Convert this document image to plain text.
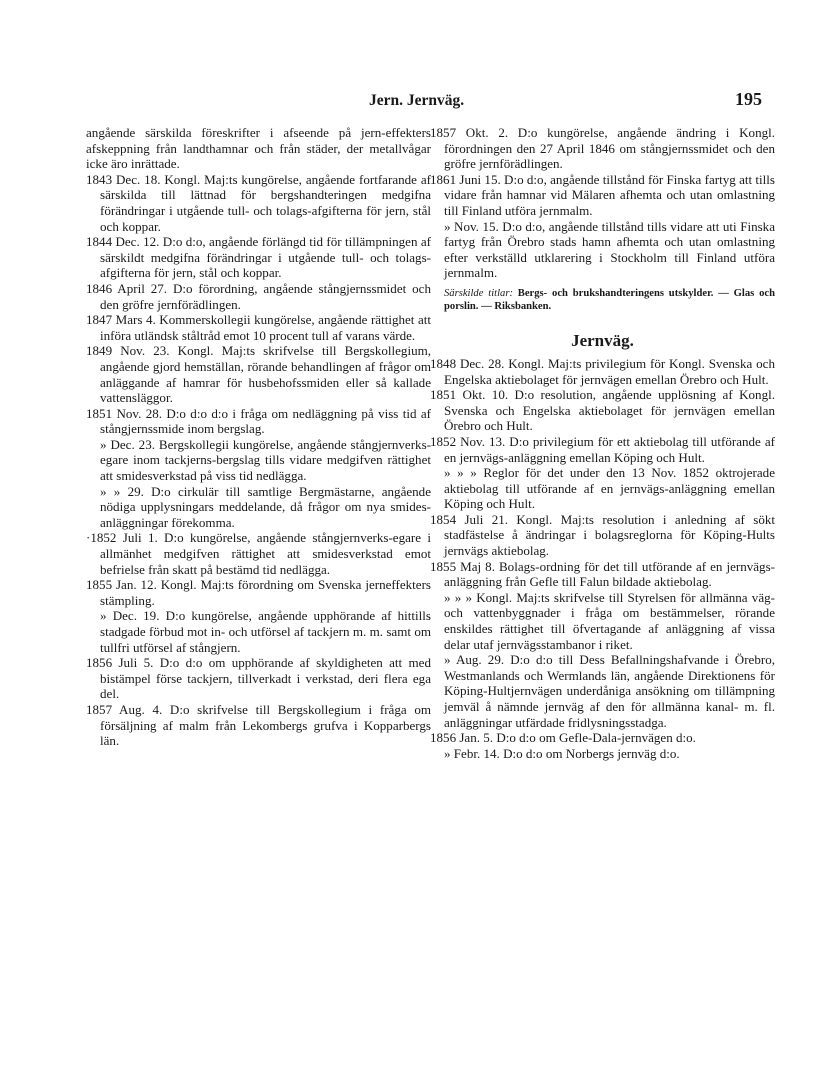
Jern. Jernväg.	195

angående särskilda föreskrifter i afseende på jern-effekters afskeppning från landthamnar och från städer, der metallvågar icke äro inrättade.

1843 Dec. 18. Kongl. Maj:ts kungörelse, angående fortfarande af särskilda till lättnad för bergshandteringen medgifna förändringar i utgående tull- och tolags-afgifterna för jern, stål och koppar.

1844 Dec. 12. D:o d:o, angående förlängd tid för tillämpningen af särskildt medgifna förändringar i utgående tull- och tolags-afgifterna för jern, stål och koppar.

1846 April 27. D:o förordning, angående stångjernssmidet och den gröfre jernförädlingen.

1847 Mars 4. Kommerskollegii kungörelse, angående rättighet att införa utländsk ståltråd emot 10 procent tull af varans värde.

1849 Nov. 23. Kongl. Maj:ts skrifvelse till Bergskollegium, angående gjord hemställan, rörande behandlingen af frågor om anläggande af hamrar för husbehofssmiden eller så kallade vattensläggor.

1851 Nov. 28. D:o d:o d:o i fråga om nedläggning på viss tid af stångjernssmide inom bergslag.

» Dec. 23. Bergskollegii kungörelse, angående stångjernverks-egare inom tackjerns-bergslag tills vidare medgifven rättighet att smidesverkstad på viss tid nedlägga.

» » 29. D:o cirkulär till samtlige Bergmästarne, angående nödiga upplysningars meddelande, då frågor om nya smides-anläggningar förekomma.

·1852 Juli 1. D:o kungörelse, angående stångjernverks-egare i allmänhet medgifven rättighet att smidesverkstad emot befrielse från skatt på bestämd tid nedlägga.

1855 Jan. 12. Kongl. Maj:ts förordning om Svenska jerneffekters stämpling.

» Dec. 19. D:o kungörelse, angående upphörande af hittills stadgade förbud mot in- och utförsel af tackjern m. m. samt om tullfri utförsel af stångjern.

1856 Juli 5. D:o d:o om upphörande af skyldigheten att med bistämpel förse tackjern, tillverkadt i verkstad, deri flera ega del.

1857 Aug. 4. D:o skrifvelse till Bergskollegium i fråga om försäljning af malm från Lekombergs grufva i Kopparbergs län.

1857 Okt. 2. D:o kungörelse, angående ändring i Kongl. förordningen den 27 April 1846 om stångjernssmidet och den gröfre jernförädlingen.

1861 Juni 15. D:o d:o, angående tillstånd för Finska fartyg att tills vidare från hamnar vid Mälaren afhemta och utan omlastning till Finland utföra jernmalm.

» Nov. 15. D:o d:o, angående tillstånd tills vidare att uti Finska fartyg från Örebro stads hamn afhemta och utan omlastning efter verkställd utklarering i Stockholm till Finland utföra jernmalm.

Särskilde titlar: Bergs- och brukshandteringens utskylder. — Glas och porslin. — Riksbanken.

Jernväg.

1848 Dec. 28. Kongl. Maj:ts privilegium för Kongl. Svenska och Engelska aktiebolaget för jernvägen emellan Örebro och Hult.

1851 Okt. 10. D:o resolution, angående upplösning af Kongl. Svenska och Engelska aktiebolaget för jernvägen emellan Örebro och Hult.

1852 Nov. 13. D:o privilegium för ett aktiebolag till utförande af en jernvägs-anläggning emellan Köping och Hult.

» » » Reglor för det under den 13 Nov. 1852 oktrojerade aktiebolag till utförande af en jernvägs-anläggning emellan Köping och Hult.

1854 Juli 21. Kongl. Maj:ts resolution i anledning af sökt stadfästelse å ändringar i bolagsreglorna för Köping-Hults jernvägs aktiebolag.

1855 Maj 8. Bolags-ordning för det till utförande af en jernvägs-anläggning från Gefle till Falun bildade aktiebolag.

» » » Kongl. Maj:ts skrifvelse till Styrelsen för allmänna väg- och vattenbyggnader i fråga om bestämmelser, rörande enskildes rättighet till öfvertagande af anläggning af vissa delar utaf jernvägsstambanor i riket.

» Aug. 29. D:o d:o till Dess Befallningshafvande i Örebro, Westmanlands och Wermlands län, angående Direktionens för Köping-Hultjernvägen underdåniga ansökning om tillämpning jemväl å nämnde jernväg af den för allmänna kanal- m. fl. anläggningar utfärdade fridlysningsstadga.

1856 Jan. 5. D:o d:o om Gefle-Dala-jernvägen d:o.

» Febr. 14. D:o d:o om Norbergs jernväg d:o.
